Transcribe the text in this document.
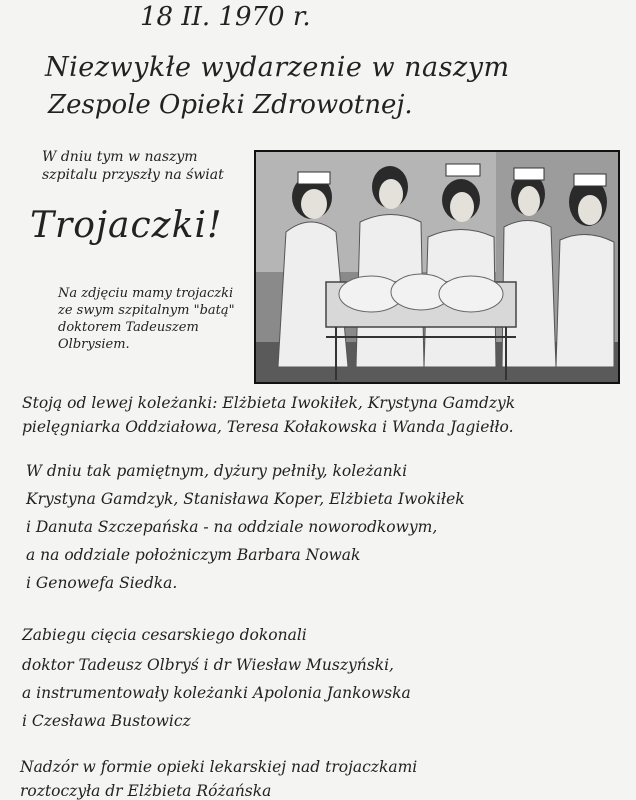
18 II. 1970 r.
Niezwykłe wydarzenie w naszym
Zespole Opieki Zdrowotnej.
W dniu tym w naszym szpitalu przyszły na świat
Trojaczki!
Na zdjęciu mamy trojaczki ze swym szpitalnym "batą" doktorem Tadeuszem Olbrysiem.
Stoją od lewej koleżanki: Elżbieta Iwokiłek, Krystyna Gamdzyk
pielęgniarka Oddziałowa, Teresa Kołakowska i Wanda Jagiełło.
W dniu tak pamiętnym, dyżury pełniły, koleżanki
Krystyna Gamdzyk, Stanisława Koper, Elżbieta Iwokiłek
i Danuta Szczepańska - na oddziale noworodkowym,
a na oddziale położniczym Barbara Nowak
i Genowefa Siedka.
Zabiegu cięcia cesarskiego dokonali
doktor Tadeusz Olbryś i dr Wiesław Muszyński,
a instrumentowały koleżanki Apolonia Jankowska
i Czesława Bustowicz
Nadzór w formie opieki lekarskiej nad trojaczkami
roztoczyła dr Elżbieta Różańska
